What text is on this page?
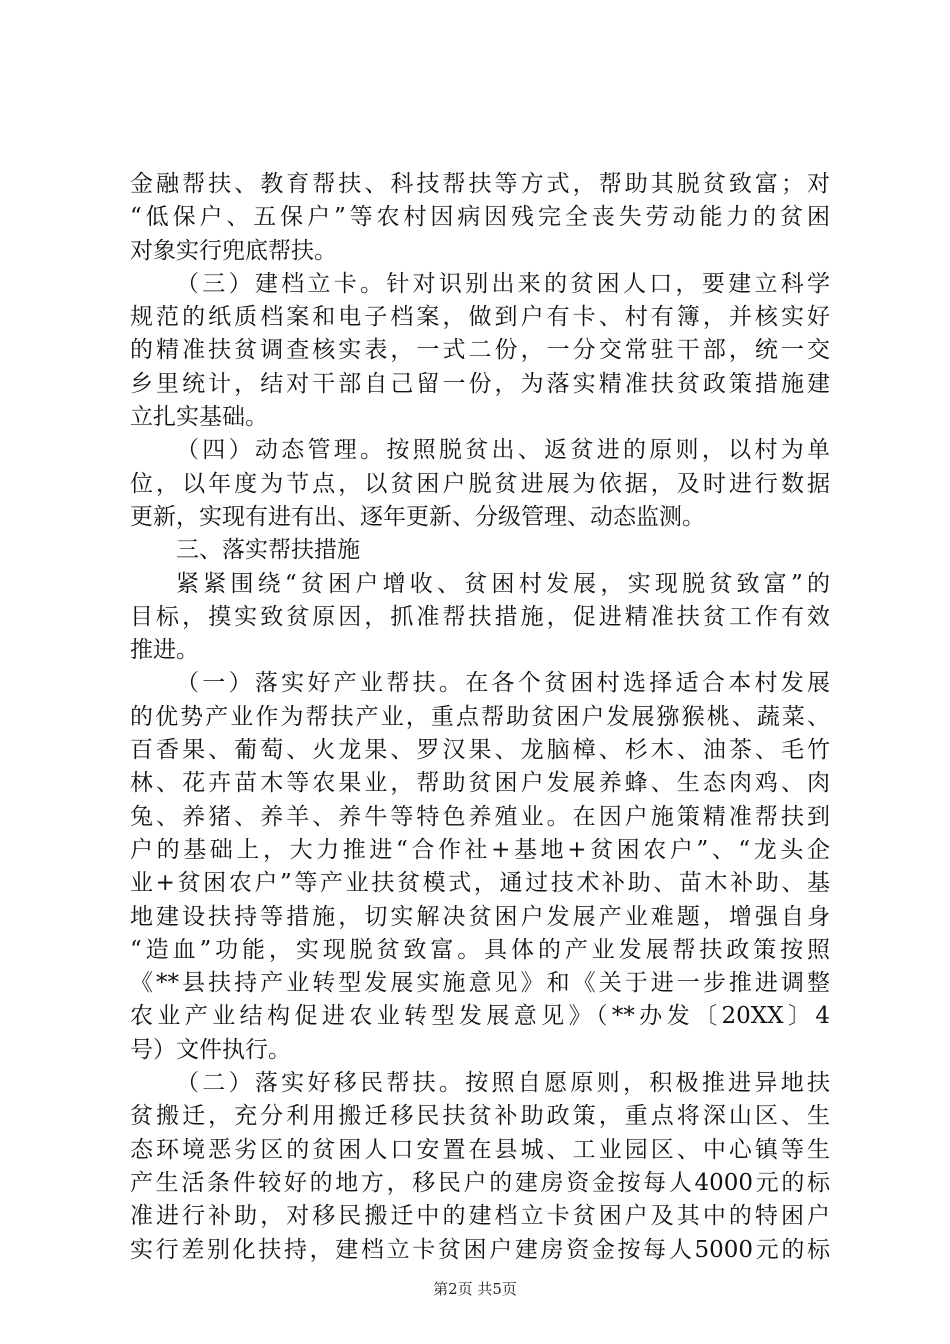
金融帮扶、教育帮扶、科技帮扶等方式，帮助其脱贫致富；对
“低保户、五保户”等农村因病因残完全丧失劳动能力的贫困
对象实行兜底帮扶。
（三）建档立卡。针对识别出来的贫困人口，要建立科学
规范的纸质档案和电子档案，做到户有卡、村有簿，并核实好
的精准扶贫调查核实表，一式二份，一分交常驻干部，统一交
乡里统计，结对干部自己留一份，为落实精准扶贫政策措施建
立扎实基础。
（四）动态管理。按照脱贫出、返贫进的原则，以村为单
位，以年度为节点，以贫困户脱贫进展为依据，及时进行数据
更新，实现有进有出、逐年更新、分级管理、动态监测。
三、落实帮扶措施
紧紧围绕“贫困户增收、贫困村发展，实现脱贫致富”的
目标，摸实致贫原因，抓准帮扶措施，促进精准扶贫工作有效
推进。
（一）落实好产业帮扶。在各个贫困村选择适合本村发展
的优势产业作为帮扶产业，重点帮助贫困户发展猕猴桃、蔬菜、
百香果、葡萄、火龙果、罗汉果、龙脑樟、杉木、油茶、毛竹
林、花卉苗木等农果业，帮助贫困户发展养蜂、生态肉鸡、肉
兔、养猪、养羊、养牛等特色养殖业。在因户施策精准帮扶到
户的基础上，大力推进“合作社+基地+贫困农户”、“龙头企
业+贫困农户”等产业扶贫模式，通过技术补助、苗木补助、基
地建设扶持等措施，切实解决贫困户发展产业难题，增强自身
“造血”功能，实现脱贫致富。具体的产业发展帮扶政策按照
《**县扶持产业转型发展实施意见》和《关于进一步推进调整
农业产业结构促进农业转型发展意见》（**办发〔20XX〕4
号）文件执行。
（二）落实好移民帮扶。按照自愿原则，积极推进异地扶
贫搬迁，充分利用搬迁移民扶贫补助政策，重点将深山区、生
态环境恶劣区的贫困人口安置在县城、工业园区、中心镇等生
产生活条件较好的地方，移民户的建房资金按每人4000元的标
准进行补助，对移民搬迁中的建档立卡贫困户及其中的特困户
实行差别化扶持，建档立卡贫困户建房资金按每人5000元的标
第2页 共5页
